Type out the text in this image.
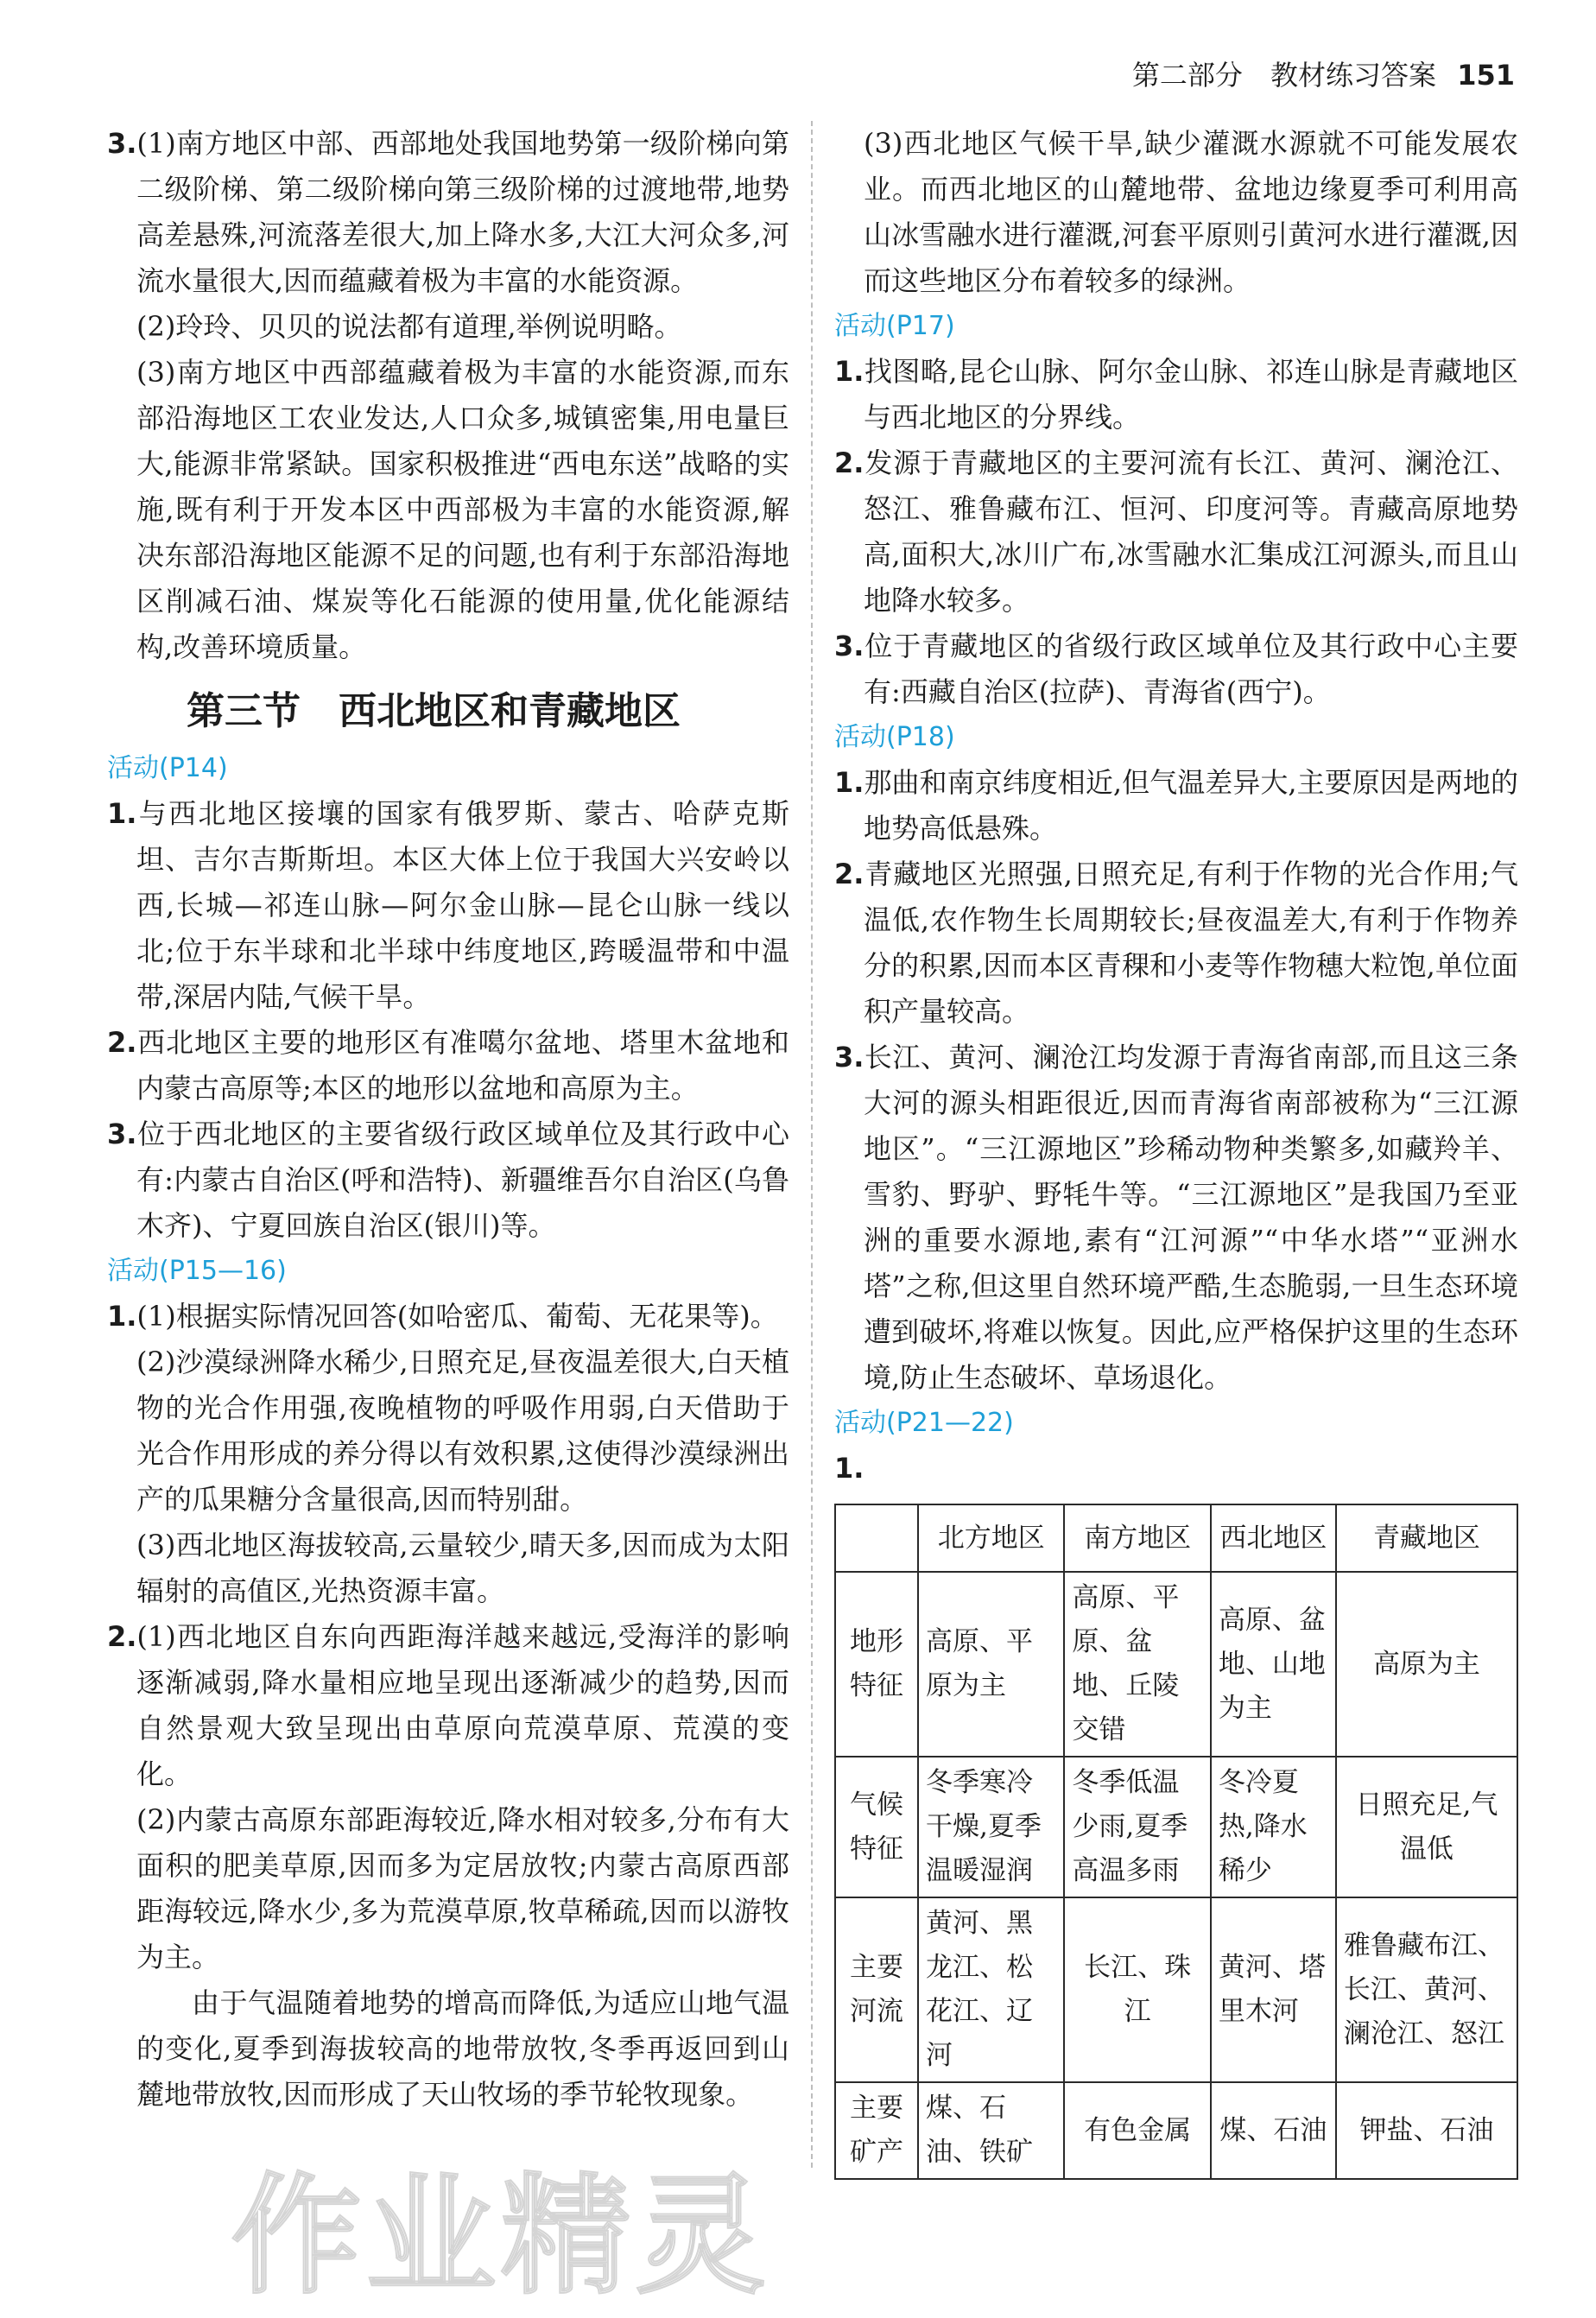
第二部分 教材练习答案 151

3.(1)南方地区中部、西部地处我国地势第一级阶梯向第二级阶梯、第二级阶梯向第三级阶梯的过渡地带,地势高差悬殊,河流落差很大,加上降水多,大江大河众多,河流水量很大,因而蕴藏着极为丰富的水能资源。

(2)玲玲、贝贝的说法都有道理,举例说明略。

(3)南方地区中西部蕴藏着极为丰富的水能资源,而东部沿海地区工农业发达,人口众多,城镇密集,用电量巨大,能源非常紧缺。国家积极推进“西电东送”战略的实施,既有利于开发本区中西部极为丰富的水能资源,解决东部沿海地区能源不足的问题,也有利于东部沿海地区削减石油、煤炭等化石能源的使用量,优化能源结构,改善环境质量。

第三节　西北地区和青藏地区
活动(P14)

1.与西北地区接壤的国家有俄罗斯、蒙古、哈萨克斯坦、吉尔吉斯斯坦。本区大体上位于我国大兴安岭以西,长城—祁连山脉—阿尔金山脉—昆仑山脉一线以北;位于东半球和北半球中纬度地区,跨暖温带和中温带,深居内陆,气候干旱。

2.西北地区主要的地形区有准噶尔盆地、塔里木盆地和内蒙古高原等;本区的地形以盆地和高原为主。

3.位于西北地区的主要省级行政区域单位及其行政中心有:内蒙古自治区(呼和浩特)、新疆维吾尔自治区(乌鲁木齐)、宁夏回族自治区(银川)等。

活动(P15—16)

1.(1)根据实际情况回答(如哈密瓜、葡萄、无花果等)。

(2)沙漠绿洲降水稀少,日照充足,昼夜温差很大,白天植物的光合作用强,夜晚植物的呼吸作用弱,白天借助于光合作用形成的养分得以有效积累,这使得沙漠绿洲出产的瓜果糖分含量很高,因而特别甜。

(3)西北地区海拔较高,云量较少,晴天多,因而成为太阳辐射的高值区,光热资源丰富。

2.(1)西北地区自东向西距海洋越来越远,受海洋的影响逐渐减弱,降水量相应地呈现出逐渐减少的趋势,因而自然景观大致呈现出由草原向荒漠草原、荒漠的变化。

(2)内蒙古高原东部距海较近,降水相对较多,分布有大面积的肥美草原,因而多为定居放牧;内蒙古高原西部距海较远,降水少,多为荒漠草原,牧草稀疏,因而以游牧为主。

由于气温随着地势的增高而降低,为适应山地气温的变化,夏季到海拔较高的地带放牧,冬季再返回到山麓地带放牧,因而形成了天山牧场的季节轮牧现象。

(3)西北地区气候干旱,缺少灌溉水源就不可能发展农业。而西北地区的山麓地带、盆地边缘夏季可利用高山冰雪融水进行灌溉,河套平原则引黄河水进行灌溉,因而这些地区分布着较多的绿洲。

活动(P17)

1.找图略,昆仑山脉、阿尔金山脉、祁连山脉是青藏地区与西北地区的分界线。

2.发源于青藏地区的主要河流有长江、黄河、澜沧江、怒江、雅鲁藏布江、恒河、印度河等。青藏高原地势高,面积大,冰川广布,冰雪融水汇集成江河源头,而且山地降水较多。

3.位于青藏地区的省级行政区域单位及其行政中心主要有:西藏自治区(拉萨)、青海省(西宁)。

活动(P18)

1.那曲和南京纬度相近,但气温差异大,主要原因是两地的地势高低悬殊。

2.青藏地区光照强,日照充足,有利于作物的光合作用;气温低,农作物生长周期较长;昼夜温差大,有利于作物养分的积累,因而本区青稞和小麦等作物穗大粒饱,单位面积产量较高。

3.长江、黄河、澜沧江均发源于青海省南部,而且这三条大河的源头相距很近,因而青海省南部被称为“三江源地区”。“三江源地区”珍稀动物种类繁多,如藏羚羊、雪豹、野驴、野牦牛等。“三江源地区”是我国乃至亚洲的重要水源地,素有“江河源”“中华水塔”“亚洲水塔”之称,但这里自然环境严酷,生态脆弱,一旦生态环境遭到破坏,将难以恢复。因此,应严格保护这里的生态环境,防止生态破坏、草场退化。

活动(P21—22)

1.

	北方地区	南方地区	西北地区	青藏地区
地形特征	高原、平原为主	高原、平原、盆地、丘陵交错	高原、盆地、山地为主	高原为主
气候特征	冬季寒冷干燥,夏季温暖湿润	冬季低温少雨,夏季高温多雨	冬冷夏热,降水稀少	日照充足,气温低
主要河流	黄河、黑龙江、松花江、辽河	长江、珠江	黄河、塔里木河	雅鲁藏布江、长江、黄河、澜沧江、怒江
主要矿产	煤、石油、铁矿	有色金属	煤、石油	钾盐、石油
作业精灵
